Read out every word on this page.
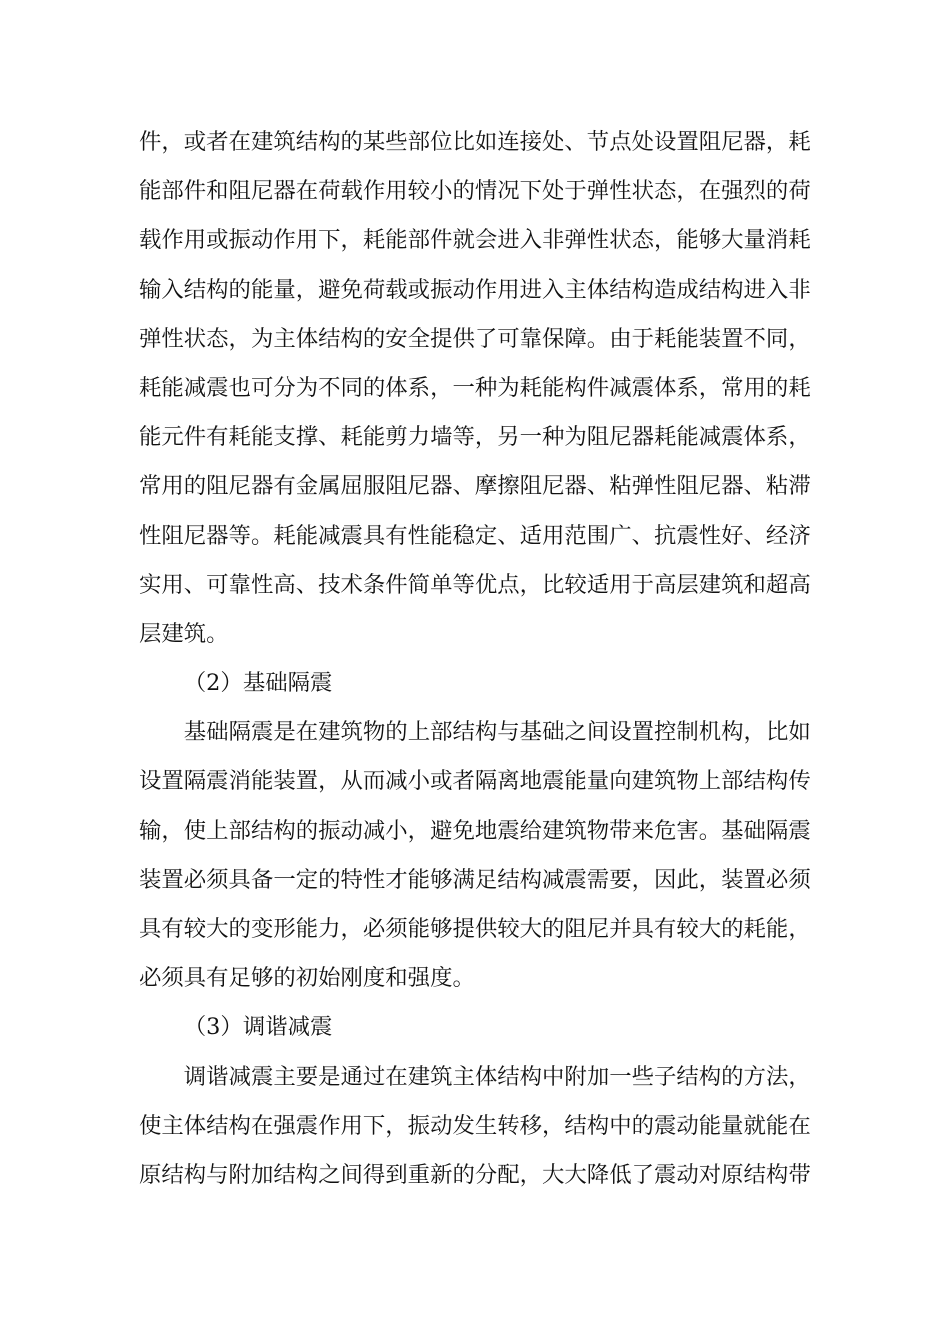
件，或者在建筑结构的某些部位比如连接处、节点处设置阻尼器，耗
能部件和阻尼器在荷载作用较小的情况下处于弹性状态，在强烈的荷
载作用或振动作用下，耗能部件就会进入非弹性状态，能够大量消耗
输入结构的能量，避免荷载或振动作用进入主体结构造成结构进入非
弹性状态，为主体结构的安全提供了可靠保障。由于耗能装置不同，
耗能减震也可分为不同的体系，一种为耗能构件减震体系，常用的耗
能元件有耗能支撑、耗能剪力墙等，另一种为阻尼器耗能减震体系，
常用的阻尼器有金属屈服阻尼器、摩擦阻尼器、粘弹性阻尼器、粘滞
性阻尼器等。耗能减震具有性能稳定、适用范围广、抗震性好、经济
实用、可靠性高、技术条件简单等优点，比较适用于高层建筑和超高
层建筑。
（2）基础隔震
基础隔震是在建筑物的上部结构与基础之间设置控制机构，比如
设置隔震消能装置，从而减小或者隔离地震能量向建筑物上部结构传
输，使上部结构的振动减小，避免地震给建筑物带来危害。基础隔震
装置必须具备一定的特性才能够满足结构减震需要，因此，装置必须
具有较大的变形能力，必须能够提供较大的阻尼并具有较大的耗能，
必须具有足够的初始刚度和强度。
（3）调谐减震
调谐减震主要是通过在建筑主体结构中附加一些子结构的方法，
使主体结构在强震作用下，振动发生转移，结构中的震动能量就能在
原结构与附加结构之间得到重新的分配，大大降低了震动对原结构带
